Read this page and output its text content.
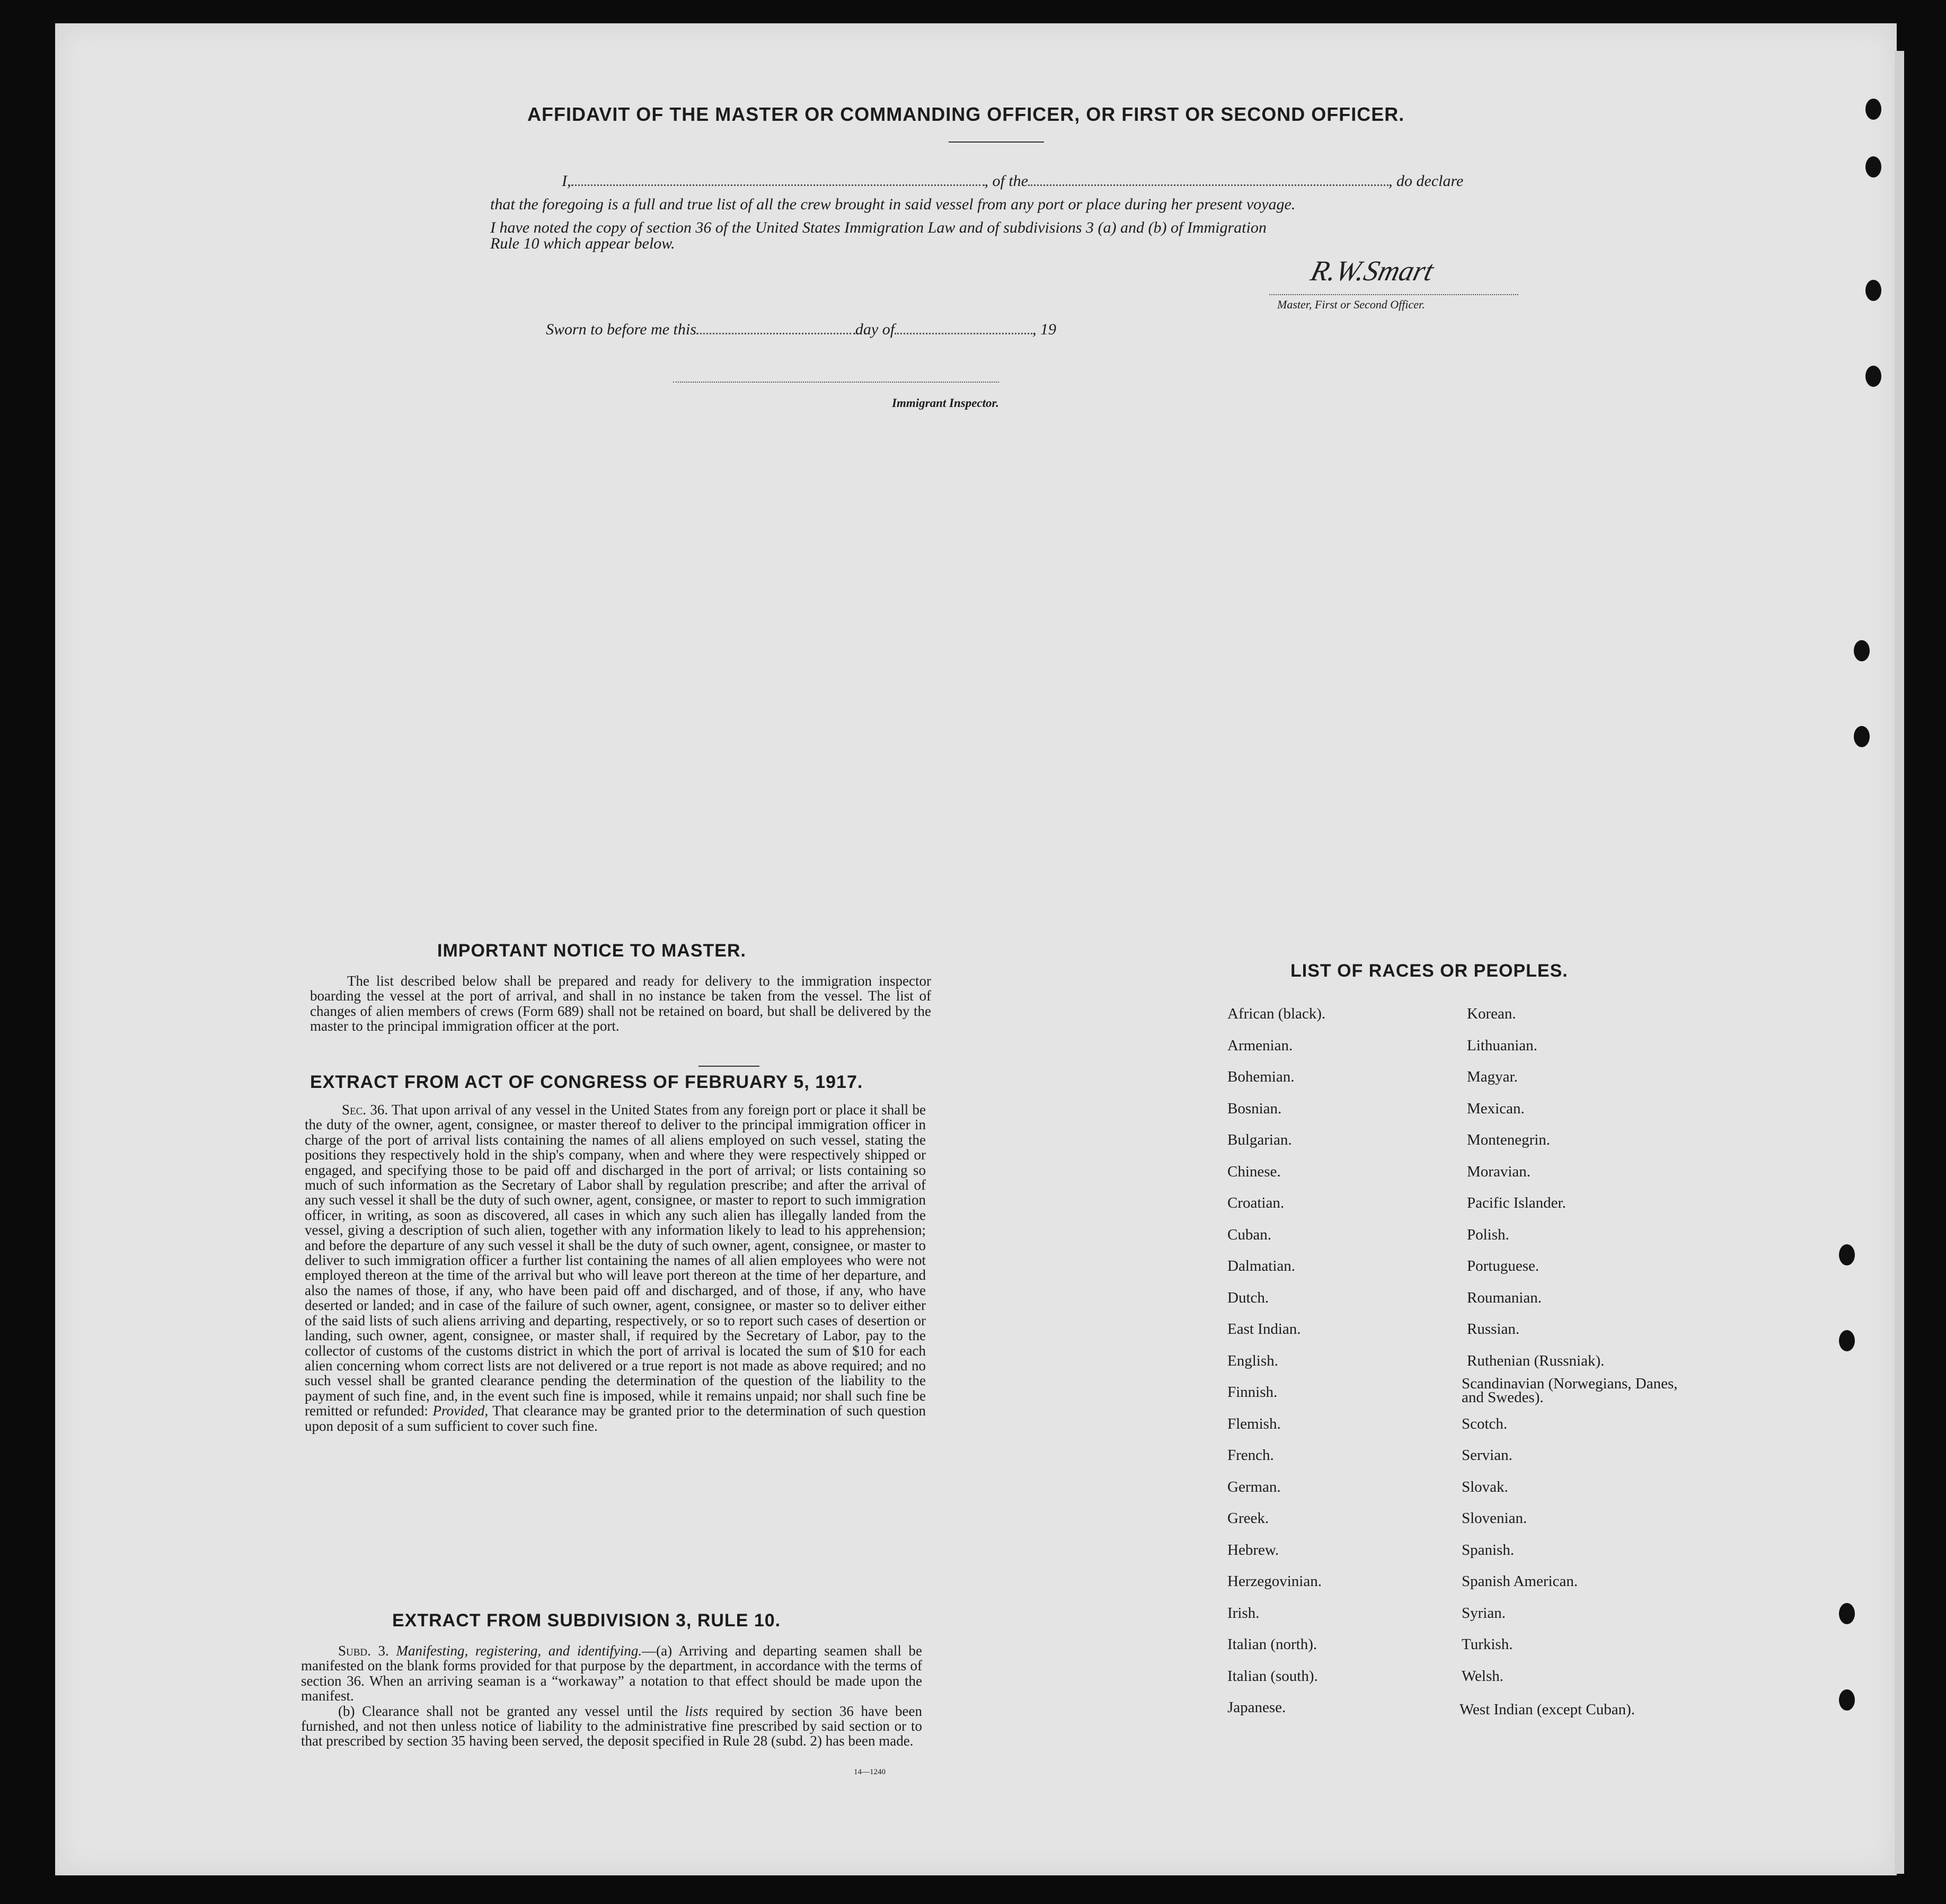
AFFIDAVIT OF THE MASTER OR COMMANDING OFFICER, OR FIRST OR SECOND OFFICER.
I,	, of the	, do declare
that the foregoing is a full and true list of all the crew brought in said vessel from any port or place during her present voyage.
I have noted the copy of section 36 of the United States Immigration Law and of subdivisions 3 (a) and (b) of Immigration
Rule 10 which appear below.
R.W.Smart
Master, First or Second Officer.
Sworn to before me this	day of	, 19
Immigrant Inspector.
IMPORTANT NOTICE TO MASTER.

The list described below shall be prepared and ready for delivery to the immigration inspector boarding the vessel at the port of arrival, and shall in no instance be taken from the vessel. The list of changes of alien members of crews (Form 689) shall not be retained on board, but shall be delivered by the master to the principal immigration officer at the port.

EXTRACT FROM ACT OF CONGRESS OF FEBRUARY 5, 1917.

Sec. 36. That upon arrival of any vessel in the United States from any foreign port or place it shall be the duty of the owner, agent, consignee, or master thereof to deliver to the principal immigration officer in charge of the port of arrival lists containing the names of all aliens employed on such vessel, stating the positions they respectively hold in the ship's company, when and where they were respectively shipped or engaged, and specifying those to be paid off and discharged in the port of arrival; or lists containing so much of such information as the Secretary of Labor shall by regulation prescribe; and after the arrival of any such vessel it shall be the duty of such owner, agent, consignee, or master to report to such immigration officer, in writing, as soon as discovered, all cases in which any such alien has illegally landed from the vessel, giving a description of such alien, together with any information likely to lead to his apprehension; and before the departure of any such vessel it shall be the duty of such owner, agent, consignee, or master to deliver to such immigration officer a further list containing the names of all alien employees who were not employed thereon at the time of the arrival but who will leave port thereon at the time of her departure, and also the names of those, if any, who have been paid off and discharged, and of those, if any, who have deserted or landed; and in case of the failure of such owner, agent, consignee, or master so to deliver either of the said lists of such aliens arriving and departing, respectively, or so to report such cases of desertion or landing, such owner, agent, consignee, or master shall, if required by the Secretary of Labor, pay to the collector of customs of the customs district in which the port of arrival is located the sum of $10 for each alien concerning whom correct lists are not delivered or a true report is not made as above required; and no such vessel shall be granted clearance pending the determination of the question of the liability to the payment of such fine, and, in the event such fine is imposed, while it remains unpaid; nor shall such fine be remitted or refunded: Provided, That clearance may be granted prior to the determination of such question upon deposit of a sum sufficient to cover such fine.

EXTRACT FROM SUBDIVISION 3, RULE 10.

Subd. 3. Manifesting, registering, and identifying.—(a) Arriving and departing seamen shall be manifested on the blank forms provided for that purpose by the department, in accordance with the terms of section 36. When an arriving seaman is a “workaway” a notation to that effect should be made upon the manifest.

(b) Clearance shall not be granted any vessel until the lists required by section 36 have been furnished, and not then unless notice of liability to the administrative fine prescribed by said section or to that prescribed by section 35 having been served, the deposit specified in Rule 28 (subd. 2) has been made.

14—1240
LIST OF RACES OR PEOPLES.
African (black).
Armenian.
Bohemian.
Bosnian.
Bulgarian.
Chinese.
Croatian.
Cuban.
Dalmatian.
Dutch.
East Indian.
English.
Finnish.
Flemish.
French.
German.
Greek.
Hebrew.
Herzegovinian.
Irish.
Italian (north).
Italian (south).
Japanese.
Korean.
Lithuanian.
Magyar.
Mexican.
Montenegrin.
Moravian.
Pacific Islander.
Polish.
Portuguese.
Roumanian.
Russian.
Ruthenian (Russniak).
Scandinavian (Norwegians, Danes, and Swedes).
Scotch.
Servian.
Slovak.
Slovenian.
Spanish.
Spanish American.
Syrian.
Turkish.
Welsh.
West Indian (except Cuban).
